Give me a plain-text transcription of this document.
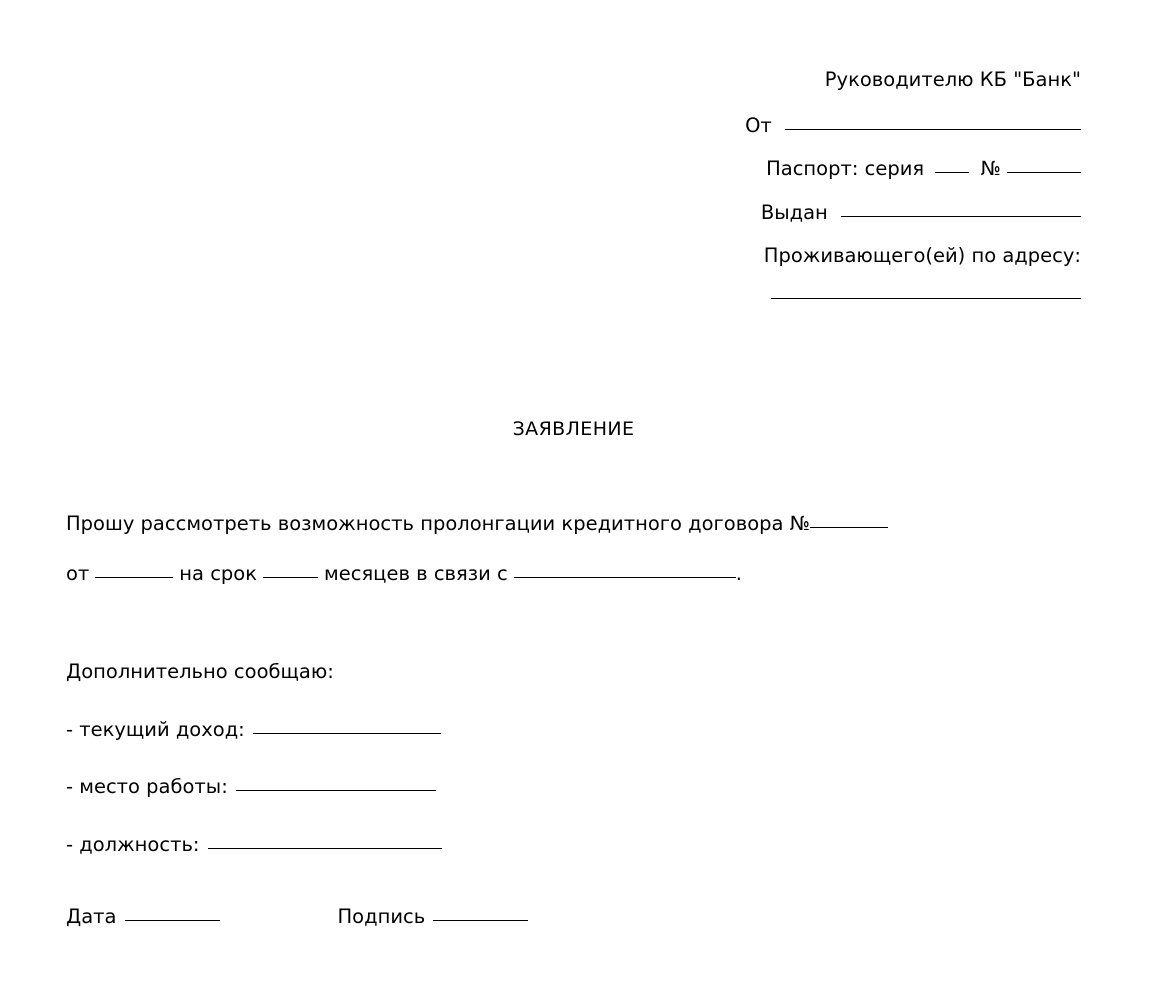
Руководителю КБ "Банк"
От
Паспорт: серия	№
Выдан
Проживающего(ей) по адресу:
ЗАЯВЛЕНИЕ
Прошу рассмотреть возможность пролонгации кредитного договора №
от	на срок	месяцев в связи с	.
Дополнительно сообщаю:
- текущий доход:
- место работы:
- должность:
Дата	Подпись
